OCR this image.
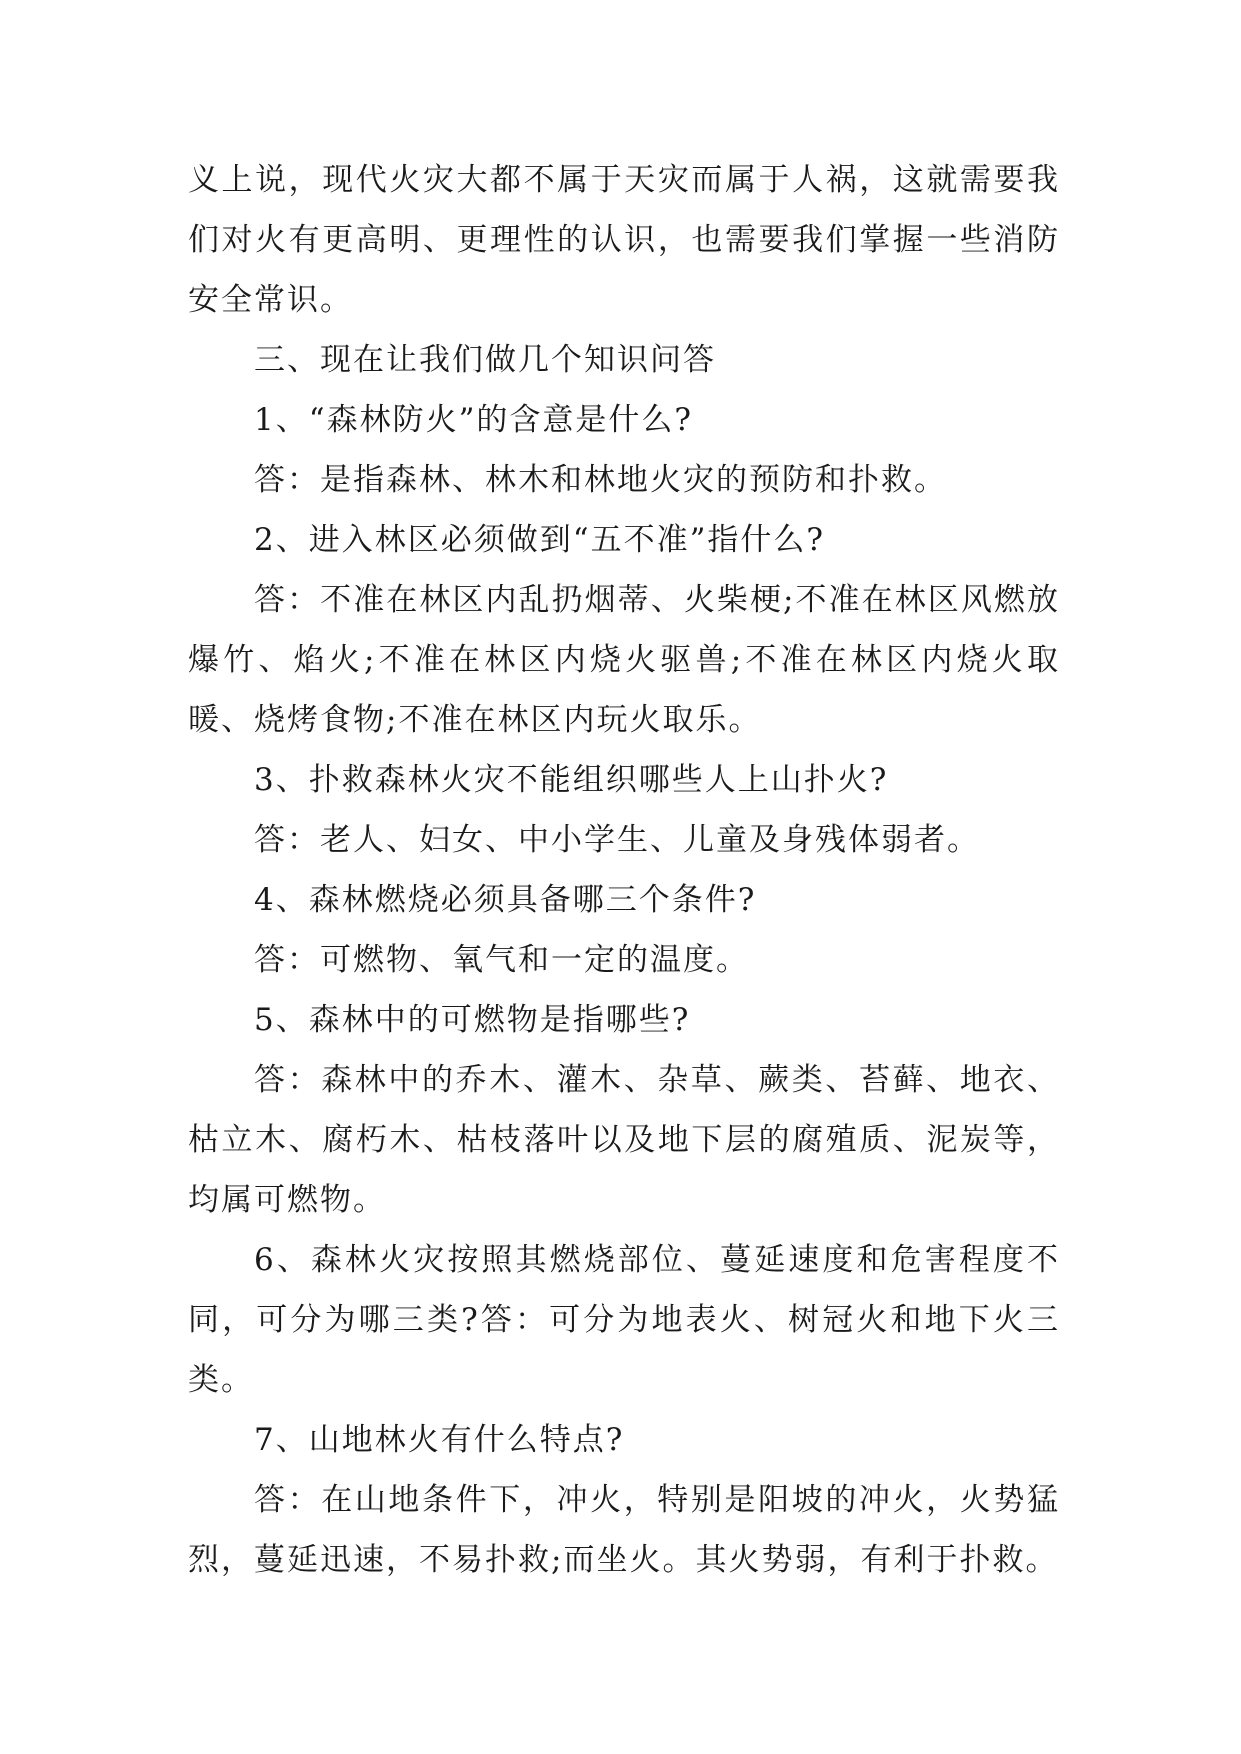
义上说，现代火灾大都不属于天灾而属于人祸，这就需要我们对火有更高明、更理性的认识，也需要我们掌握一些消防安全常识。

三、现在让我们做几个知识问答

1、“森林防火”的含意是什么?

答：是指森林、林木和林地火灾的预防和扑救。

2、进入林区必须做到“五不准”指什么?

答：不准在林区内乱扔烟蒂、火柴梗;不准在林区风燃放爆竹、焰火;不准在林区内烧火驱兽;不准在林区内烧火取暖、烧烤食物;不准在林区内玩火取乐。

3、扑救森林火灾不能组织哪些人上山扑火?

答：老人、妇女、中小学生、儿童及身残体弱者。

4、森林燃烧必须具备哪三个条件?

答：可燃物、氧气和一定的温度。

5、森林中的可燃物是指哪些?

答：森林中的乔木、灌木、杂草、蕨类、苔藓、地衣、枯立木、腐朽木、枯枝落叶以及地下层的腐殖质、泥炭等，均属可燃物。

6、森林火灾按照其燃烧部位、蔓延速度和危害程度不同，可分为哪三类?答：可分为地表火、树冠火和地下火三类。

7、山地林火有什么特点?

答：在山地条件下，冲火，特别是阳坡的冲火，火势猛烈，蔓延迅速，不易扑救;而坐火。其火势弱，有利于扑救。
